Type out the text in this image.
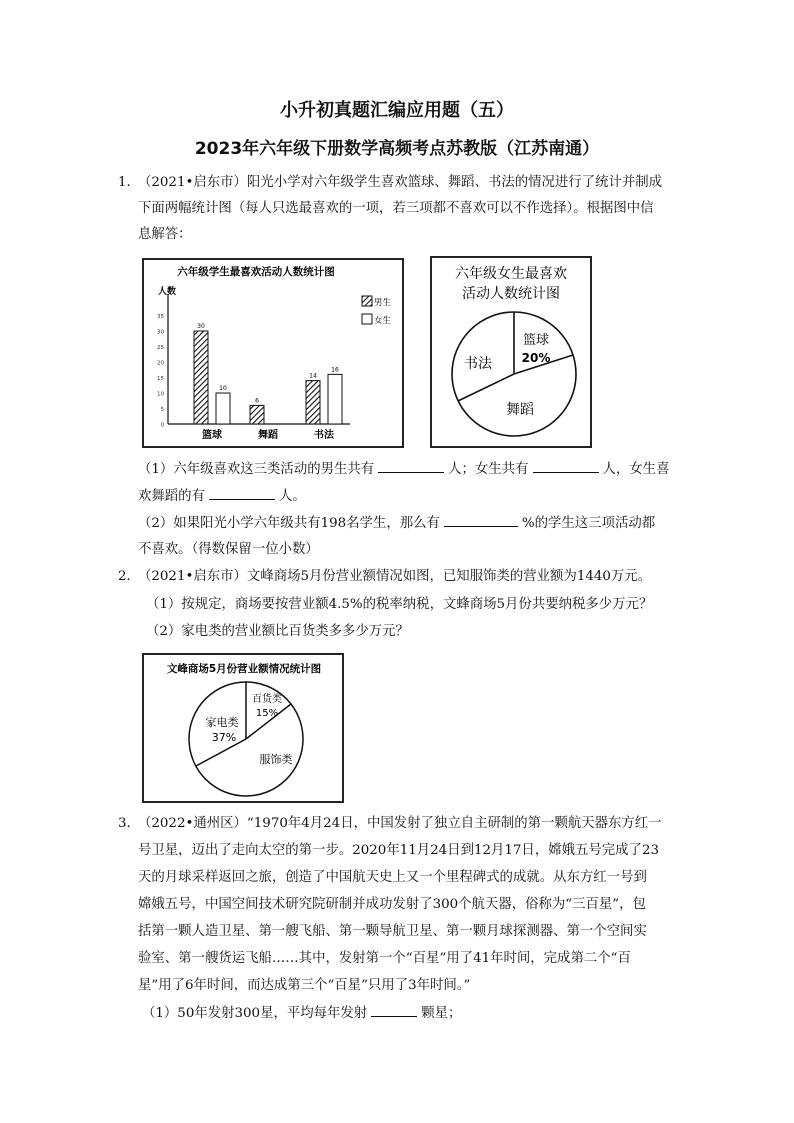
小升初真题汇编应用题（五）
2023年六年级下册数学高频考点苏教版（江苏南通）
1．
（2021•启东市）阳光小学对六年级学生喜欢篮球、舞蹈、书法的情况进行了统计并制成
下面两幅统计图（每人只选最喜欢的一项，若三项都不喜欢可以不作选择）。根据图中信
息解答：
六年级学生最喜欢活动人数统计图
人数
0
5
10
15
20
25
30
35
30
10
篮球
6
舞蹈
14
16
书法
男生
女生
六年级女生最喜欢
活动人数统计图
篮球
20%
书法
舞蹈
（1）六年级喜欢这三类活动的男生共有	人；女生共有	人，女生喜
欢舞蹈的有	人。
（2）如果阳光小学六年级共有198名学生，那么有	%的学生这三项活动都
不喜欢。（得数保留一位小数）
2．
（2021•启东市）文峰商场5月份营业额情况如图，已知服饰类的营业额为1440万元。
（1）按规定，商场要按营业额4.5%的税率纳税，文蜂商场5月份共要纳税多少万元？
（2）家电类的营业额比百货类多多少万元？
文峰商场5月份营业额情况统计图
百货类
15%
家电类
37%
服饰类
3．
（2022•通州区）“1970年4月24日，中国发射了独立自主研制的第一颗航天器东方红一
号卫星，迈出了走向太空的第一步。2020年11月24日到12月17日，嫦娥五号完成了23
天的月球采样返回之旅，创造了中国航天史上又一个里程碑式的成就。从东方红一号到
嫦娥五号，中国空间技术研究院研制并成功发射了300个航天器，俗称为“三百星”，包
括第一颗人造卫星、第一艘飞船、第一颗导航卫星、第一颗月球探测器、第一个空间实
验室、第一艘货运飞船……其中，发射第一个“百星”用了41年时间，完成第二个“百
星”用了6年时间，而达成第三个“百星”只用了3年时间。”
（1）50年发射300星，平均每年发射	颗星；
